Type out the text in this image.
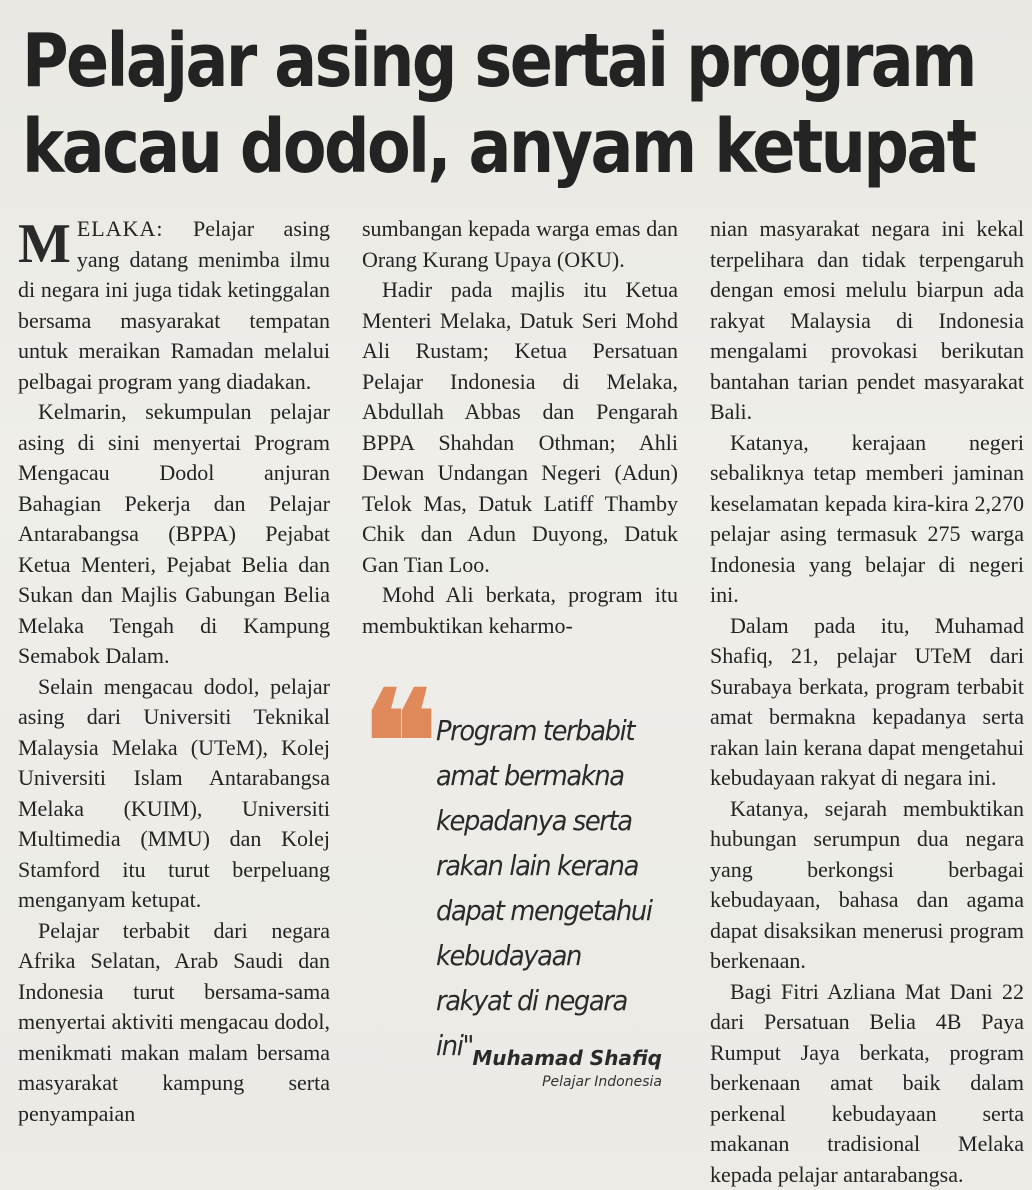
Pelajar asing sertai program
kacau dodol, anyam ketupat

MELAKA: Pelajar asing yang datang menimba ilmu di negara ini juga tidak ketinggalan bersama masyarakat tempatan untuk meraikan Ramadan melalui pelbagai program yang diadakan.

Kelmarin, sekumpulan pelajar asing di sini menyertai Program Mengacau Dodol anjuran Bahagian Pekerja dan Pelajar Antarabangsa (BPPA) Pejabat Ketua Menteri, Pejabat Belia dan Sukan dan Majlis Gabungan Belia Melaka Tengah di Kampung Semabok Dalam.

Selain mengacau dodol, pelajar asing dari Universiti Teknikal Malaysia Melaka (UTeM), Kolej Universiti Islam Antarabangsa Melaka (KUIM), Universiti Multimedia (MMU) dan Kolej Stamford itu turut berpeluang menganyam ketupat.

Pelajar terbabit dari negara Afrika Selatan, Arab Saudi dan Indonesia turut bersama-sama menyertai aktiviti mengacau dodol, menikmati makan malam bersama masyarakat kampung serta penyampaian

sumbangan kepada warga emas dan Orang Kurang Upaya (OKU).

Hadir pada majlis itu Ketua Menteri Melaka, Datuk Seri Mohd Ali Rustam; Ketua Persatuan Pelajar Indonesia di Melaka, Abdullah Abbas dan Pengarah BPPA Shahdan Othman; Ahli Dewan Undangan Negeri (Adun) Telok Mas, Datuk Latiff Thamby Chik dan Adun Duyong, Datuk Gan Tian Loo.

Mohd Ali berkata, program itu membuktikan keharmo-

❝ Program terbabit amat bermakna kepadanya serta rakan lain kerana dapat mengetahui kebudayaan rakyat di negara ini" Muhamad Shafiq

Pelajar Indonesia

nian masyarakat negara ini kekal terpelihara dan tidak terpengaruh dengan emosi melulu biarpun ada rakyat Malaysia di Indonesia mengalami provokasi berikutan bantahan tarian pendet masyarakat Bali.

Katanya, kerajaan negeri sebaliknya tetap memberi jaminan keselamatan kepada kira-kira 2,270 pelajar asing termasuk 275 warga Indonesia yang belajar di negeri ini.

Dalam pada itu, Muhamad Shafiq, 21, pelajar UTeM dari Surabaya berkata, program terbabit amat bermakna kepadanya serta rakan lain kerana dapat mengetahui kebudayaan rakyat di negara ini.

Katanya, sejarah membuktikan hubungan serumpun dua negara yang berkongsi berbagai kebudayaan, bahasa dan agama dapat disaksikan menerusi program berkenaan.

Bagi Fitri Azliana Mat Dani 22 dari Persatuan Belia 4B Paya Rumput Jaya berkata, program berkenaan amat baik dalam perkenal kebudayaan serta makanan tradisional Melaka kepada pelajar antarabangsa.
